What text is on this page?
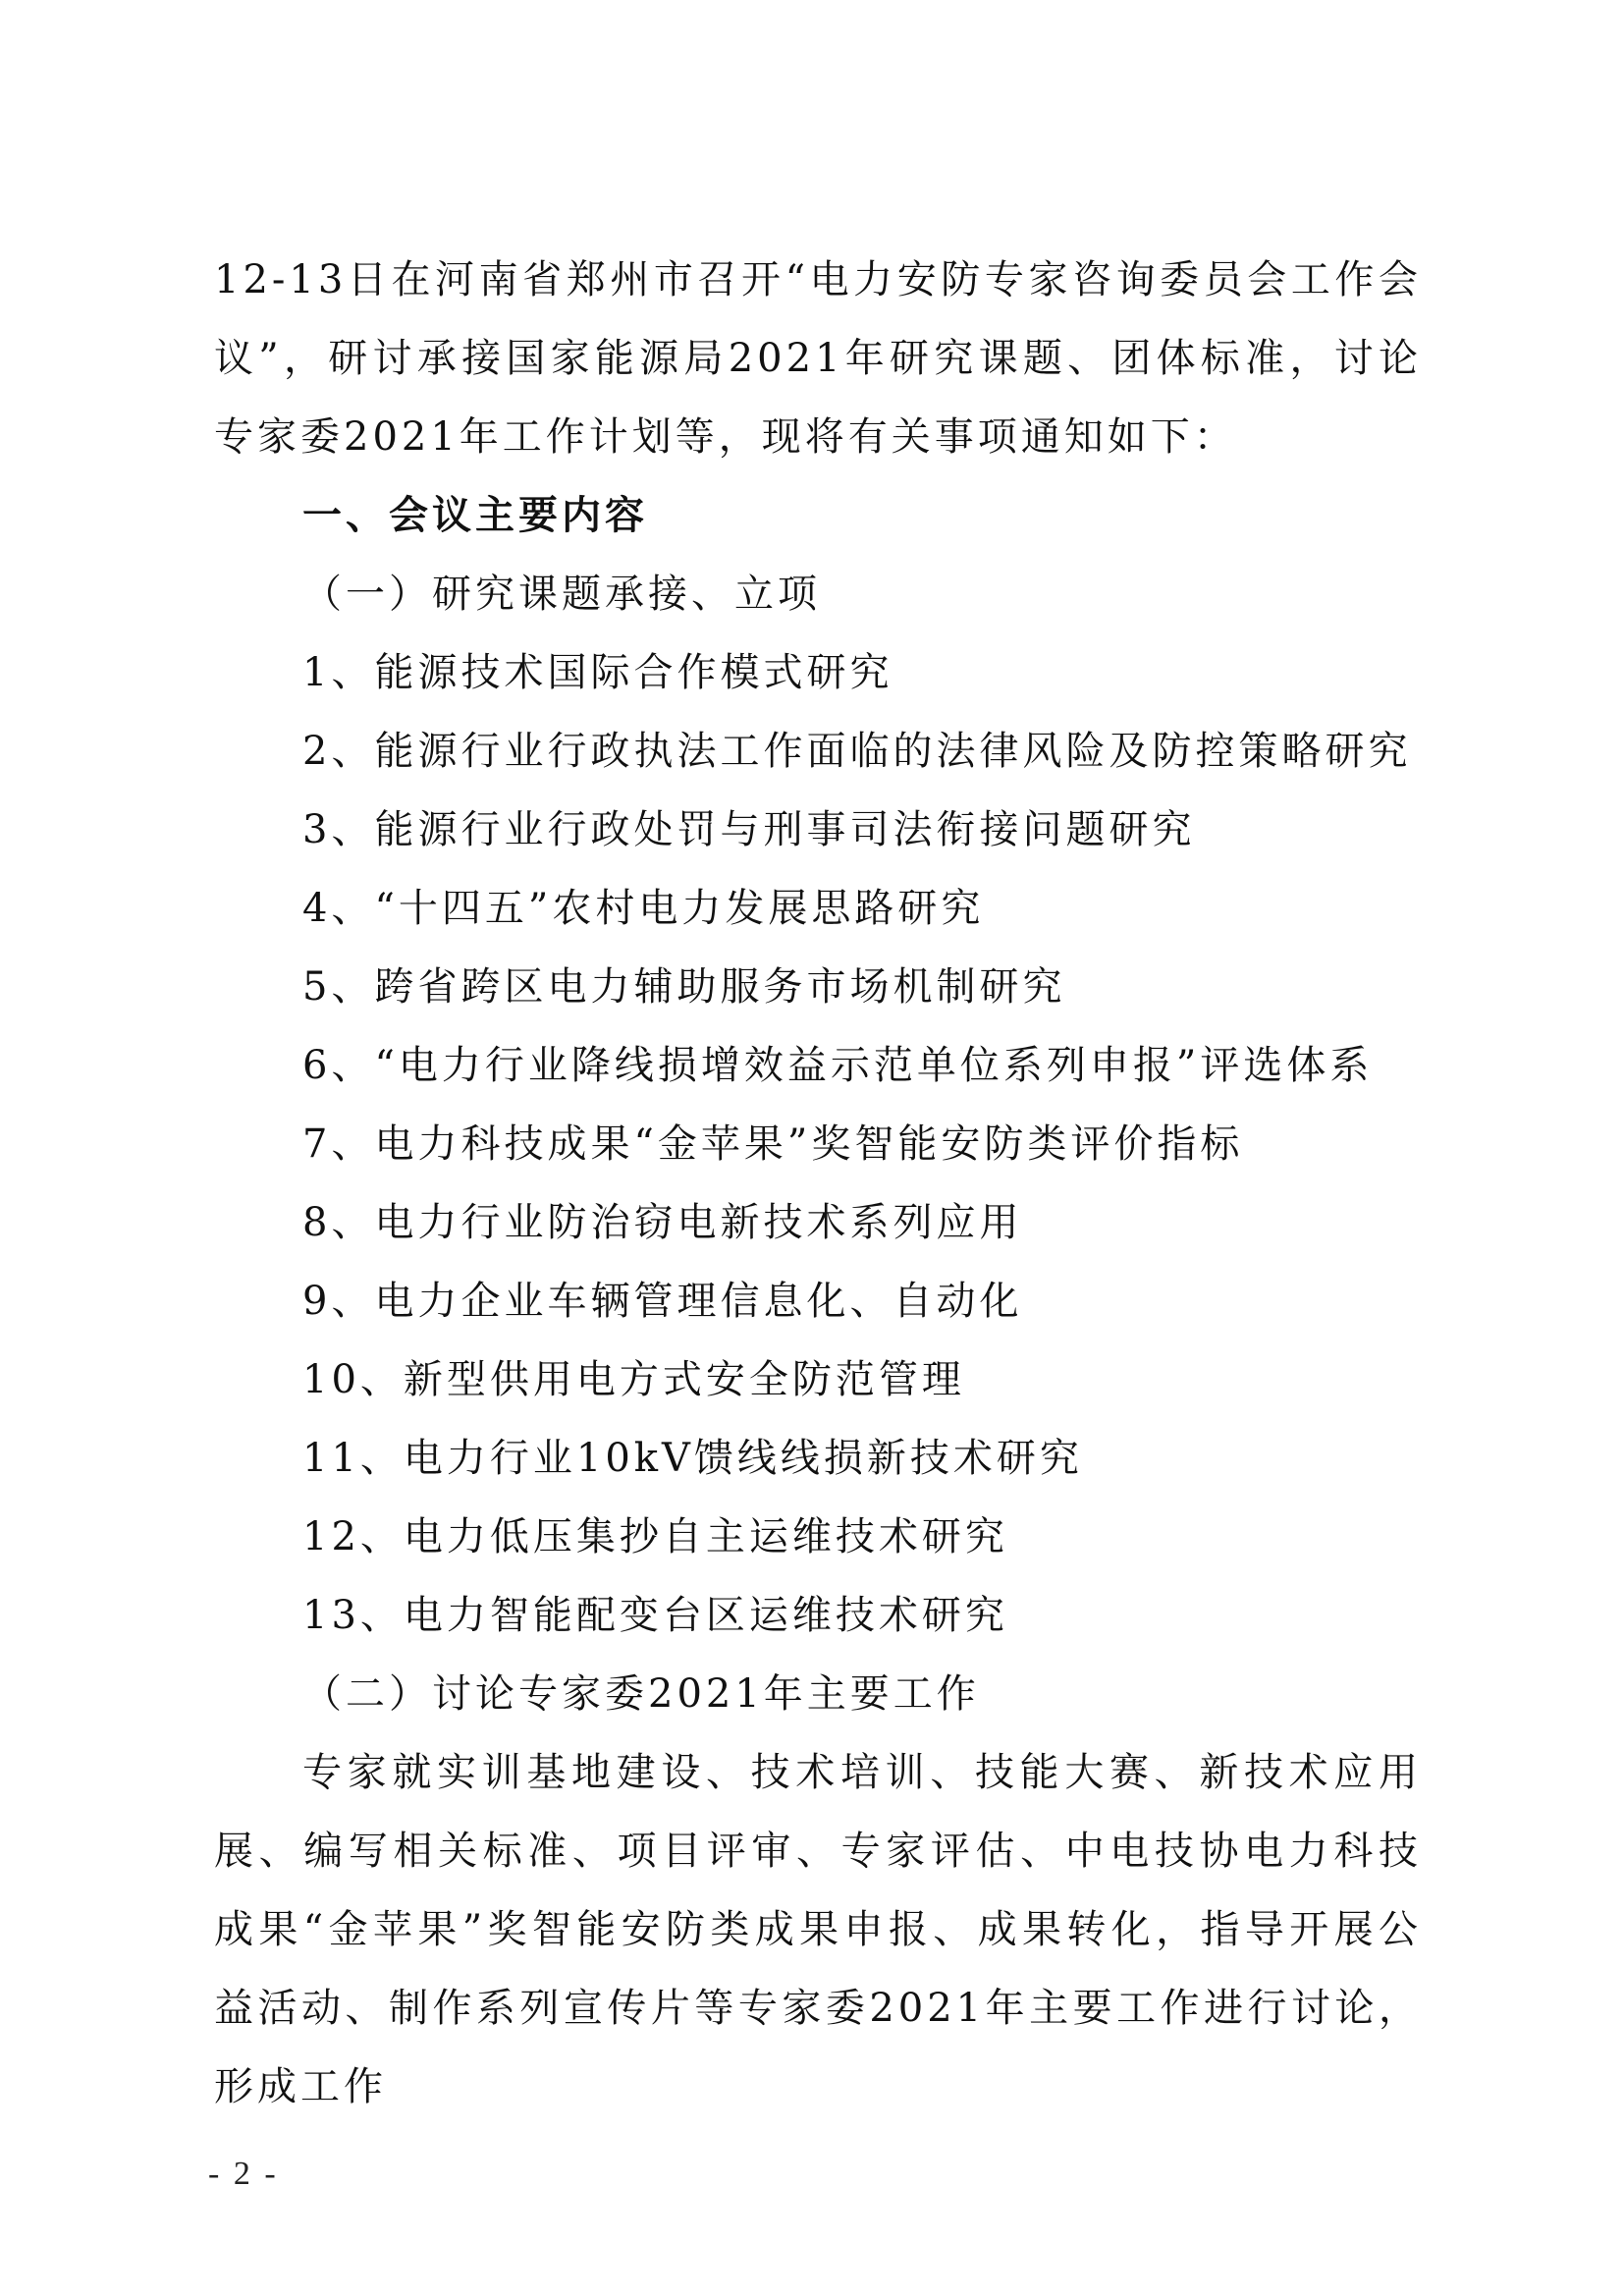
12-13日在河南省郑州市召开“电力安防专家咨询委员会工作会议”，研讨承接国家能源局2021年研究课题、团体标准，讨论专家委2021年工作计划等，现将有关事项通知如下：

一、会议主要内容

（一）研究课题承接、立项

1、能源技术国际合作模式研究

2、能源行业行政执法工作面临的法律风险及防控策略研究

3、能源行业行政处罚与刑事司法衔接问题研究

4、“十四五”农村电力发展思路研究

5、跨省跨区电力辅助服务市场机制研究

6、“电力行业降线损增效益示范单位系列申报”评选体系

7、电力科技成果“金苹果”奖智能安防类评价指标

8、电力行业防治窃电新技术系列应用

9、电力企业车辆管理信息化、自动化

10、新型供用电方式安全防范管理

11、电力行业10kV馈线线损新技术研究

12、电力低压集抄自主运维技术研究

13、电力智能配变台区运维技术研究

（二）讨论专家委2021年主要工作

专家就实训基地建设、技术培训、技能大赛、新技术应用展、编写相关标准、项目评审、专家评估、中电技协电力科技成果“金苹果”奖智能安防类成果申报、成果转化，指导开展公益活动、制作系列宣传片等专家委2021年主要工作进行讨论，形成工作

- 2 -
